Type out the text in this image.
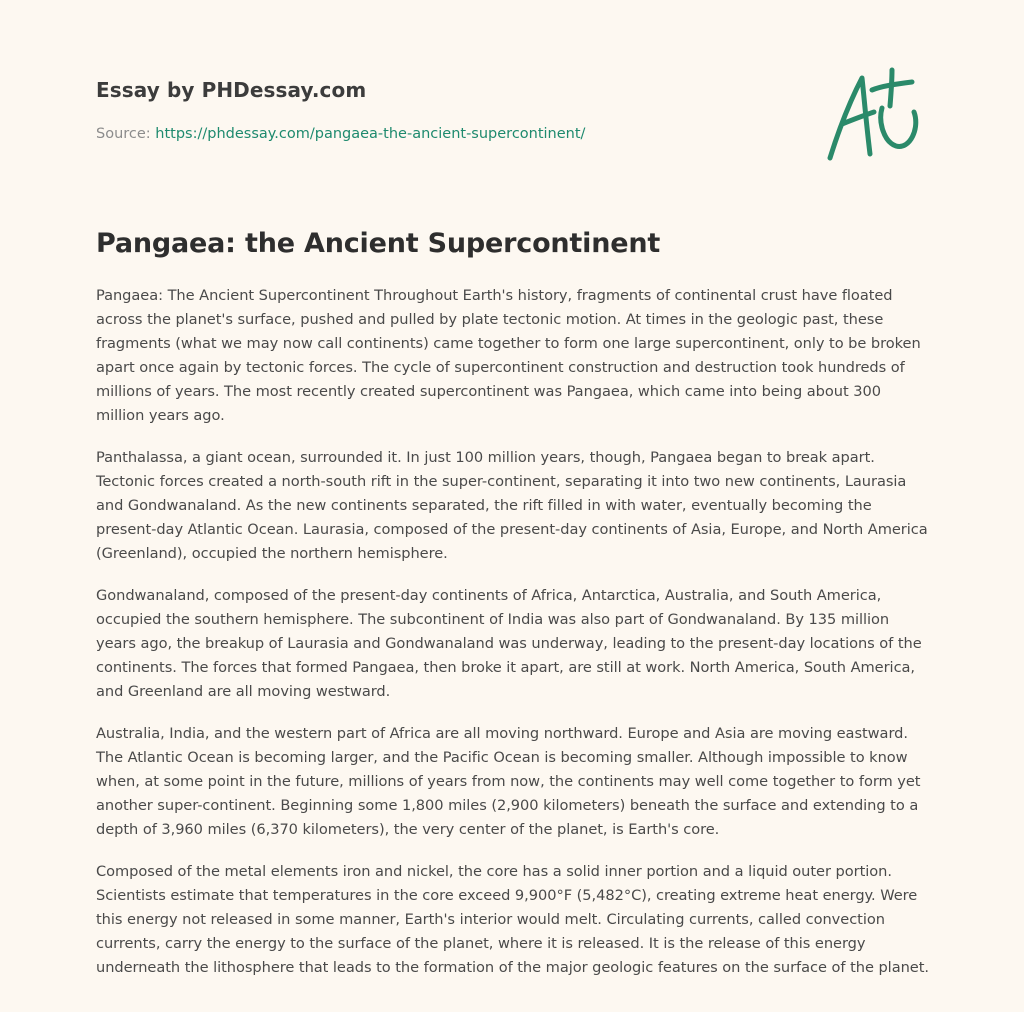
Essay by PHDessay.com
Source: https://phdessay.com/pangaea-the-ancient-supercontinent/
Pangaea: the Ancient Supercontinent

Pangaea: The Ancient Supercontinent Throughout Earth's history, fragments of continental crust have floated across the planet's surface, pushed and pulled by plate tectonic motion. At times in the geologic past, these fragments (what we may now call continents) came together to form one large supercontinent, only to be broken apart once again by tectonic forces. The cycle of supercontinent construction and destruction took hundreds of millions of years. The most recently created supercontinent was Pangaea, which came into being about 300 million years ago.

Panthalassa, a giant ocean, surrounded it. In just 100 million years, though, Pangaea began to break apart. Tectonic forces created a north-south rift in the super-continent, separating it into two new continents, Laurasia and Gondwanaland. As the new continents separated, the rift filled in with water, eventually becoming the present-day Atlantic Ocean. Laurasia, composed of the present-day continents of Asia, Europe, and North America (Greenland), occupied the northern hemisphere.

Gondwanaland, composed of the present-day continents of Africa, Antarctica, Australia, and South America, occupied the southern hemisphere. The subcontinent of India was also part of Gondwanaland. By 135 million years ago, the breakup of Laurasia and Gondwanaland was underway, leading to the present-day locations of the continents. The forces that formed Pangaea, then broke it apart, are still at work. North America, South America, and Greenland are all moving westward.

Australia, India, and the western part of Africa are all moving northward. Europe and Asia are moving eastward. The Atlantic Ocean is becoming larger, and the Pacific Ocean is becoming smaller. Although impossible to know when, at some point in the future, millions of years from now, the continents may well come together to form yet another super-continent. Beginning some 1,800 miles (2,900 kilometers) beneath the surface and extending to a depth of 3,960 miles (6,370 kilometers), the very center of the planet, is Earth's core.

Composed of the metal elements iron and nickel, the core has a solid inner portion and a liquid outer portion. Scientists estimate that temperatures in the core exceed 9,900°F (5,482°C), creating extreme heat energy. Were this energy not released in some manner, Earth's interior would melt. Circulating currents, called convection currents, carry the energy to the surface of the planet, where it is released. It is the release of this energy underneath the lithosphere that leads to the formation of the major geologic features on the surface of the planet.
